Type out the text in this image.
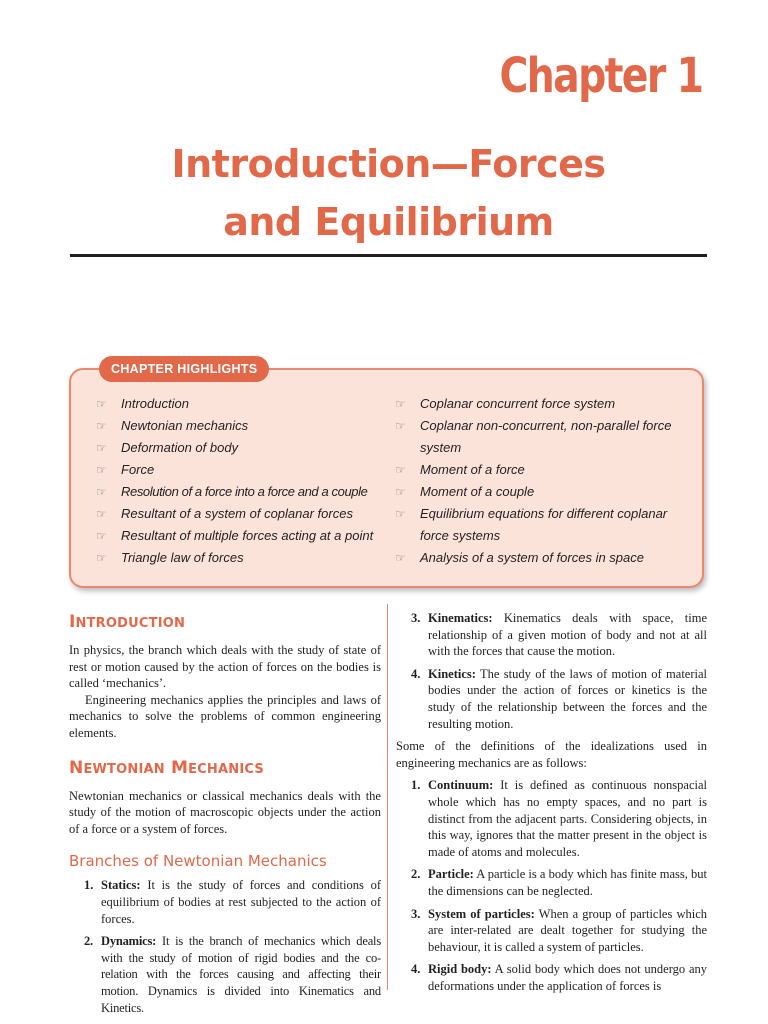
Chapter 1
Introduction—Forces
and Equilibrium
CHAPTER HIGHLIGHTS
☞ Introduction
☞ Newtonian mechanics
☞ Deformation of body
☞ Force
☞ Resolution of a force into a force and a couple
☞ Resultant of a system of coplanar forces
☞ Resultant of multiple forces acting at a point
☞ Triangle law of forces
☞ Coplanar concurrent force system
☞ Coplanar non-concurrent, non-parallel force system
☞ Moment of a force
☞ Moment of a couple
☞ Equilibrium equations for different coplanar force systems
☞ Analysis of a system of forces in space
INTRODUCTION

In physics, the branch which deals with the study of state of rest or motion caused by the action of forces on the bodies is called ‘mechanics’.

Engineering mechanics applies the principles and laws of mechanics to solve the problems of common engineering elements.

NEWTONIAN MECHANICS

Newtonian mechanics or classical mechanics deals with the study of the motion of macroscopic objects under the action of a force or a system of forces.

Branches of Newtonian Mechanics
1. Statics: It is the study of forces and conditions of equilibrium of bodies at rest subjected to the action of forces.
2. Dynamics: It is the branch of mechanics which deals with the study of motion of rigid bodies and the co-relation with the forces causing and affecting their motion. Dynamics is divided into Kinematics and Kinetics.
3. Kinematics: Kinematics deals with space, time relationship of a given motion of body and not at all with the forces that cause the motion.
4. Kinetics: The study of the laws of motion of material bodies under the action of forces or kinetics is the study of the relationship between the forces and the resulting motion.

Some of the definitions of the idealizations used in engineering mechanics are as follows:

1. Continuum: It is defined as continuous nonspacial whole which has no empty spaces, and no part is distinct from the adjacent parts. Considering objects, in this way, ignores that the matter present in the object is made of atoms and molecules.
2. Particle: A particle is a body which has finite mass, but the dimensions can be neglected.
3. System of particles: When a group of particles which are inter-related are dealt together for studying the behaviour, it is called a system of particles.
4. Rigid body: A solid body which does not undergo any deformations under the application of forces is
